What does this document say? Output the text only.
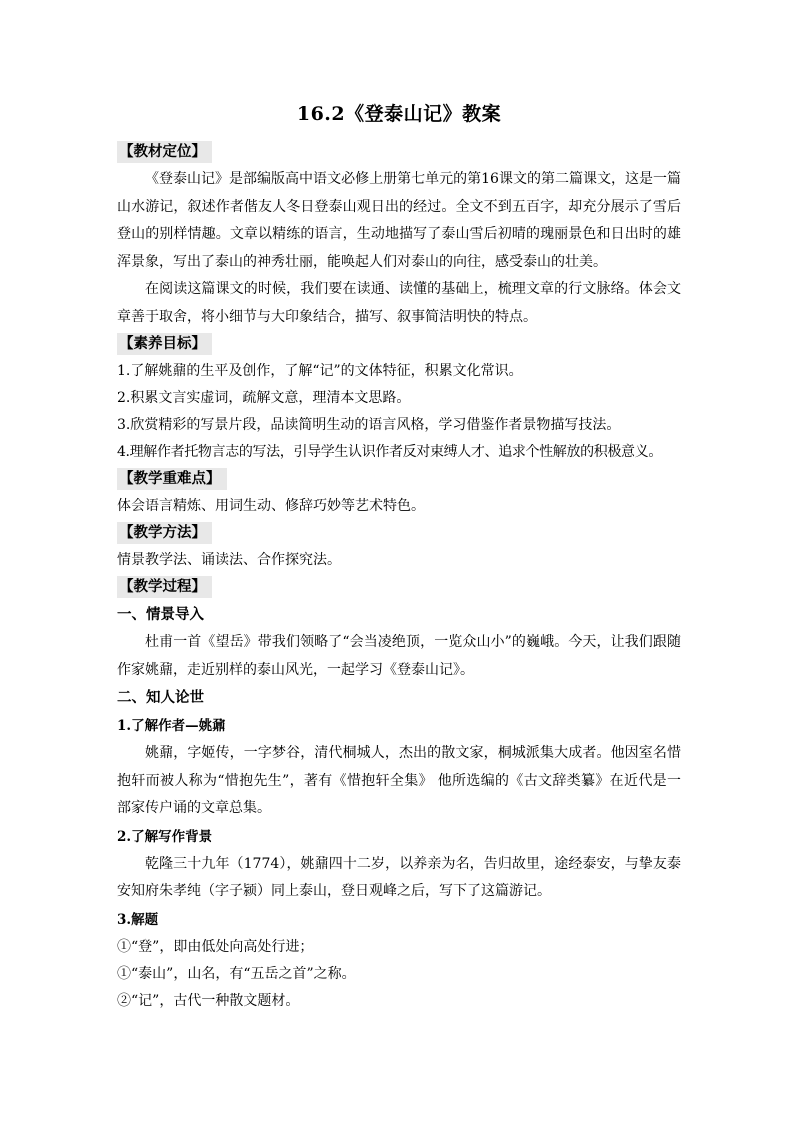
16.2《登泰山记》教案
【教材定位】

《登泰山记》是部编版高中语文必修上册第七单元的第16课文的第二篇课文，这是一篇山水游记，叙述作者偕友人冬日登泰山观日出的经过。全文不到五百字，却充分展示了雪后登山的别样情趣。文章以精练的语言，生动地描写了泰山雪后初晴的瑰丽景色和日出时的雄浑景象，写出了泰山的神秀壮丽，能唤起人们对泰山的向往，感受泰山的壮美。

在阅读这篇课文的时候，我们要在读通、读懂的基础上，梳理文章的行文脉络。体会文章善于取舍，将小细节与大印象结合，描写、叙事简洁明快的特点。

【素养目标】

1.了解姚鼐的生平及创作，了解“记”的文体特征，积累文化常识。

2.积累文言实虚词，疏解文意，理清本文思路。

3.欣赏精彩的写景片段，品读简明生动的语言风格，学习借鉴作者景物描写技法。

4.理解作者托物言志的写法，引导学生认识作者反对束缚人才、追求个性解放的积极意义。

【教学重难点】

体会语言精炼、用词生动、修辞巧妙等艺术特色。

【教学方法】

情景教学法、诵读法、合作探究法。

【教学过程】

一、情景导入

杜甫一首《望岳》带我们领略了“会当凌绝顶，一览众山小”的巍峨。今天，让我们跟随作家姚鼐，走近别样的泰山风光，一起学习《登泰山记》。

二、知人论世

1.了解作者—姚鼐

姚鼐，字姬传，一字梦谷，清代桐城人，杰出的散文家，桐城派集大成者。他因室名惜抱轩而被人称为“惜抱先生”，著有《惜抱轩全集》 他所选编的《古文辞类纂》在近代是一部家传户诵的文章总集。

2.了解写作背景

乾隆三十九年（1774），姚鼐四十二岁，以养亲为名，告归故里，途经泰安，与挚友泰安知府朱孝纯（字子颍）同上泰山，登日观峰之后，写下了这篇游记。

3.解题

①“登”，即由低处向高处行进；

①“泰山”，山名，有“五岳之首”之称。

②“记”，古代一种散文题材。
